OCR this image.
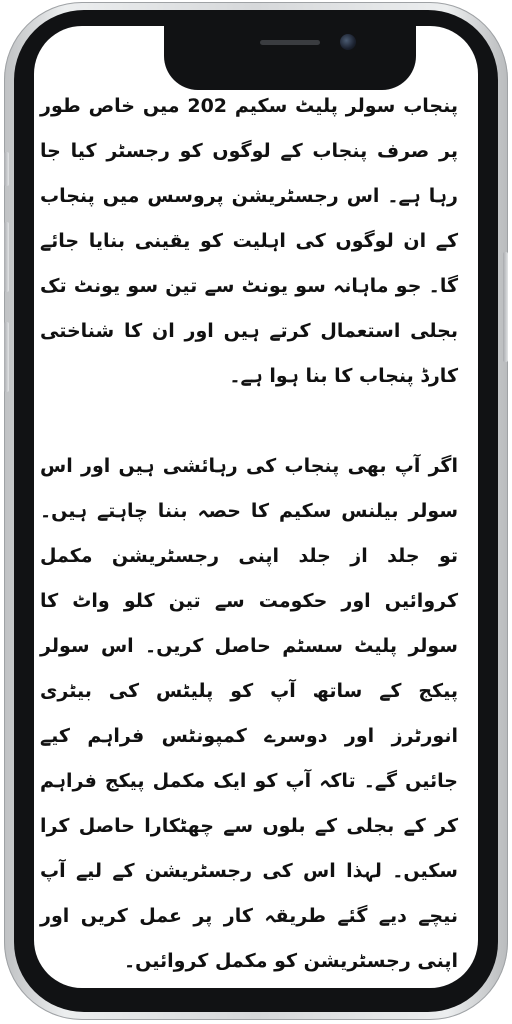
پنجاب سولر پلیٹ سکیم 202 میں خاص طور پر صرف پنجاب کے لوگوں کو رجسٹر کیا جا رہا ہے۔ اس رجسٹریشن پروسس میں پنجاب کے ان لوگوں کی اہلیت کو یقینی بنایا جائے گا۔ جو ماہانہ سو یونٹ سے تین سو یونٹ تک بجلی استعمال کرتے ہیں اور ان کا شناختی کارڈ پنجاب کا بنا ہوا ہے۔

اگر آپ بھی پنجاب کی رہائشی ہیں اور اس سولر بیلنس سکیم کا حصہ بننا چاہتے ہیں۔ تو جلد از جلد اپنی رجسٹریشن مکمل کروائیں اور حکومت سے تین کلو واٹ کا سولر پلیٹ سسٹم حاصل کریں۔ اس سولر پیکج کے ساتھ آپ کو پلیٹس کی بیٹری انورٹرز اور دوسرے کمپونٹس فراہم کیے جائیں گے۔ تاکہ آپ کو ایک مکمل پیکج فراہم کر کے بجلی کے بلوں سے چھٹکارا حاصل کرا سکیں۔ لہذا اس کی رجسٹریشن کے لیے آپ نیچے دیے گئے طریقہ کار پر عمل کریں اور اپنی رجسٹریشن کو مکمل کروائیں۔
